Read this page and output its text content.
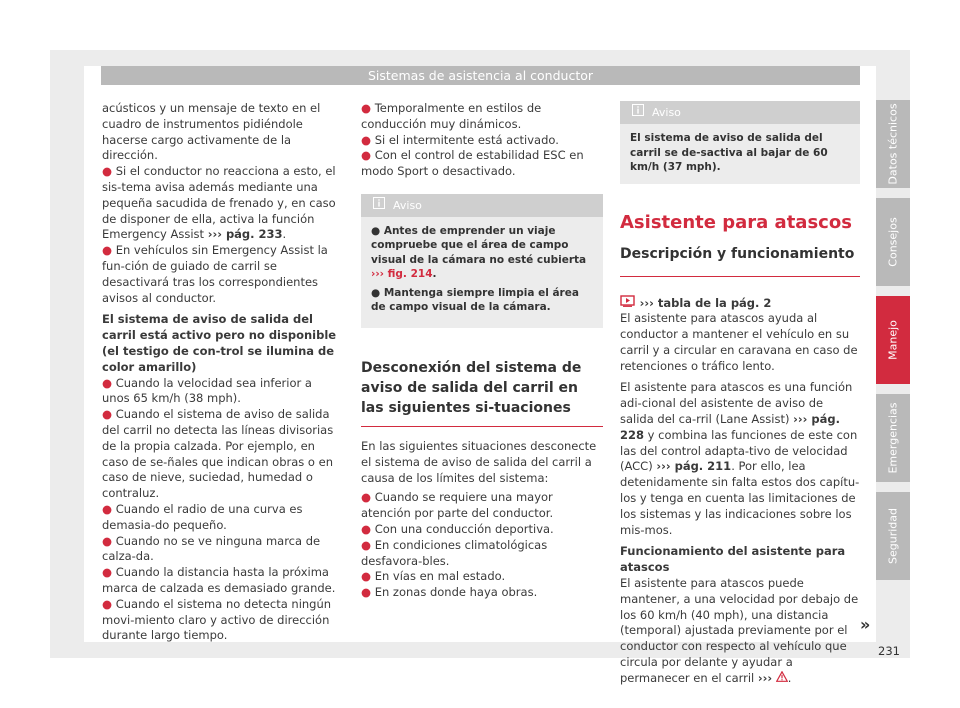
Sistemas de asistencia al conductor

acústicos y un mensaje de texto en el cuadro de instrumentos pidiéndole hacerse cargo activamente de la dirección.

● Si el conductor no reacciona a esto, el sis-tema avisa además mediante una pequeña sacudida de frenado y, en caso de disponer de ella, activa la función Emergency Assist ››› pág. 233.

● En vehículos sin Emergency Assist la fun-ción de guiado de carril se desactivará tras los correspondientes avisos al conductor.

El sistema de aviso de salida del carril está activo pero no disponible (el testigo de con-trol se ilumina de color amarillo)

● Cuando la velocidad sea inferior a unos 65 km/h (38 mph).

● Cuando el sistema de aviso de salida del carril no detecta las líneas divisorias de la propia calzada. Por ejemplo, en caso de se-ñales que indican obras o en caso de nieve, suciedad, humedad o contraluz.

● Cuando el radio de una curva es demasia-do pequeño.

● Cuando no se ve ninguna marca de calza-da.

● Cuando la distancia hasta la próxima marca de calzada es demasiado grande.

● Cuando el sistema no detecta ningún movi-miento claro y activo de dirección durante largo tiempo.

● Temporalmente en estilos de conducción muy dinámicos.

● Si el intermitente está activado.

● Con el control de estabilidad ESC en modo Sport o desactivado.

Aviso

● Antes de emprender un viaje compruebe que el área de campo visual de la cámara no esté cubierta ››› fig. 214.

● Mantenga siempre limpia el área de campo visual de la cámara.

Desconexión del sistema de aviso de salida del carril en las siguientes si-tuaciones

En las siguientes situaciones desconecte el sistema de aviso de salida del carril a causa de los límites del sistema:

● Cuando se requiere una mayor atención por parte del conductor.

● Con una conducción deportiva.

● En condiciones climatológicas desfavora-bles.

● En vías en mal estado.

● En zonas donde haya obras.

Aviso
El sistema de aviso de salida del carril se de-sactiva al bajar de 60 km/h (37 mph).
Asistente para atascos
Descripción y funcionamiento

››› tabla de la pág. 2

El asistente para atascos ayuda al conductor a mantener el vehículo en su carril y a circular en caravana en caso de retenciones o tráfico lento.

El asistente para atascos es una función adi-cional del asistente de aviso de salida del ca-rril (Lane Assist) ››› pág. 228 y combina las funciones de este con las del control adapta-tivo de velocidad (ACC) ››› pág. 211. Por ello, lea detenidamente sin falta estos dos capítu-los y tenga en cuenta las limitaciones de los sistemas y las indicaciones sobre los mis-mos.

Funcionamiento del asistente para atascos

El asistente para atascos puede mantener, a una velocidad por debajo de los 60 km/h (40 mph), una distancia (temporal) ajustada previamente por el conductor con respecto al vehículo que circula por delante y ayudar a permanecer en el carril ››› .

Datos técnicos
Consejos
Manejo
Emergencias
Seguridad
»
231
